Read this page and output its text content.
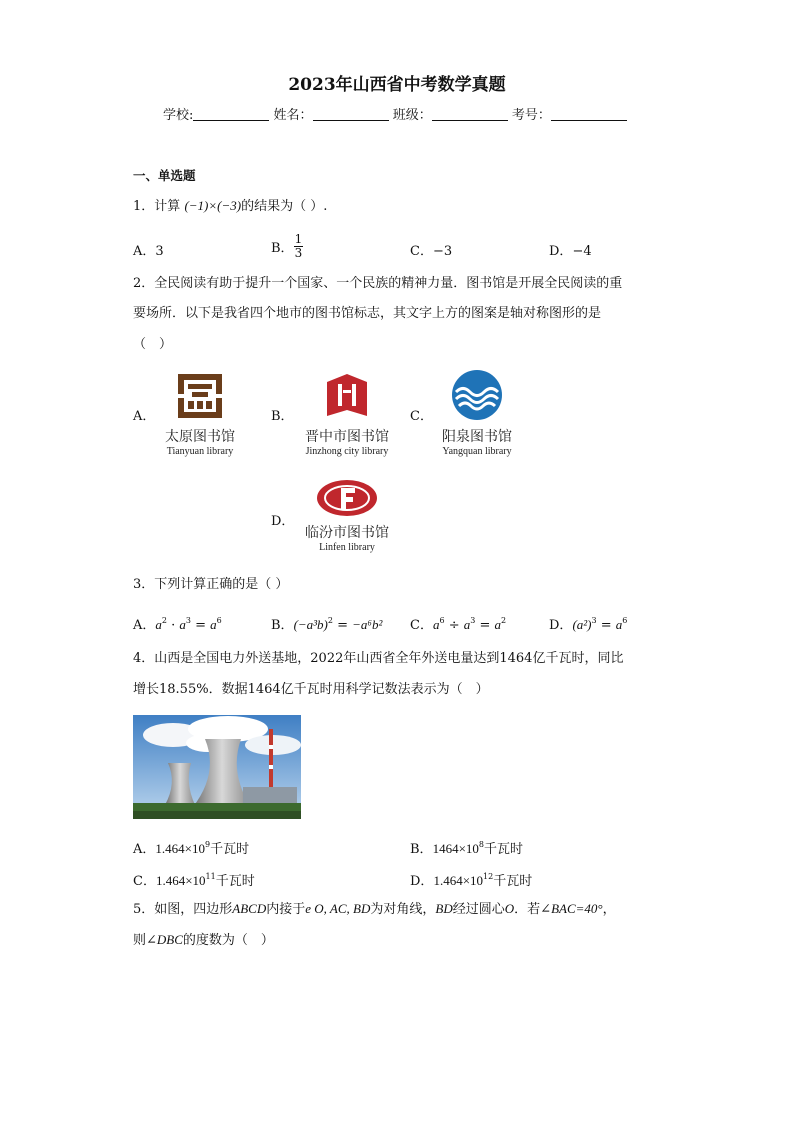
2023年山西省中考数学真题
学校:	姓名：	班级：	考号：
一、单选题
1．计算 (−1)×(−3)的结果为（ ）.
A．3	B． $\frac{1}{3}$	C．−3	D．−4
2．全民阅读有助于提升一个国家、一个民族的精神力量．图书馆是开展全民阅读的重
要场所．以下是我省四个地市的图书馆标志，其文字上方的图案是轴对称图形的是
（　）
A．
太原图书馆
Tianyuan library
B．
晋中市图书馆
Jinzhong city library
C．
阳泉图书馆
Yangquan library
D．
临汾市图书馆
Linfen library
3．下列计算正确的是（ ）
A．$a^2 \cdot a^3 = a^6$	B．$(-a^3b)^2 = -a^6b^2$ C．$a^6 \div a^3 = a^2$	D．$(a^2)^3 = a^6$
4．山西是全国电力外送基地，2022年山西省全年外送电量达到1464亿千瓦时，同比
增长18.55%．数据1464亿千瓦时用科学记数法表示为（　）
A．$1.464\times 10^9$千瓦时	B．$1464\times 10^8$千瓦时
C．$1.464\times 10^{11}$千瓦时	D．$1.464\times 10^{12}$千瓦时
5．如图，四边形ABCD内接于e O, AC, BD为对角线，BD经过圆心O．若∠BAC=40°，
则∠DBC的度数为（　）
